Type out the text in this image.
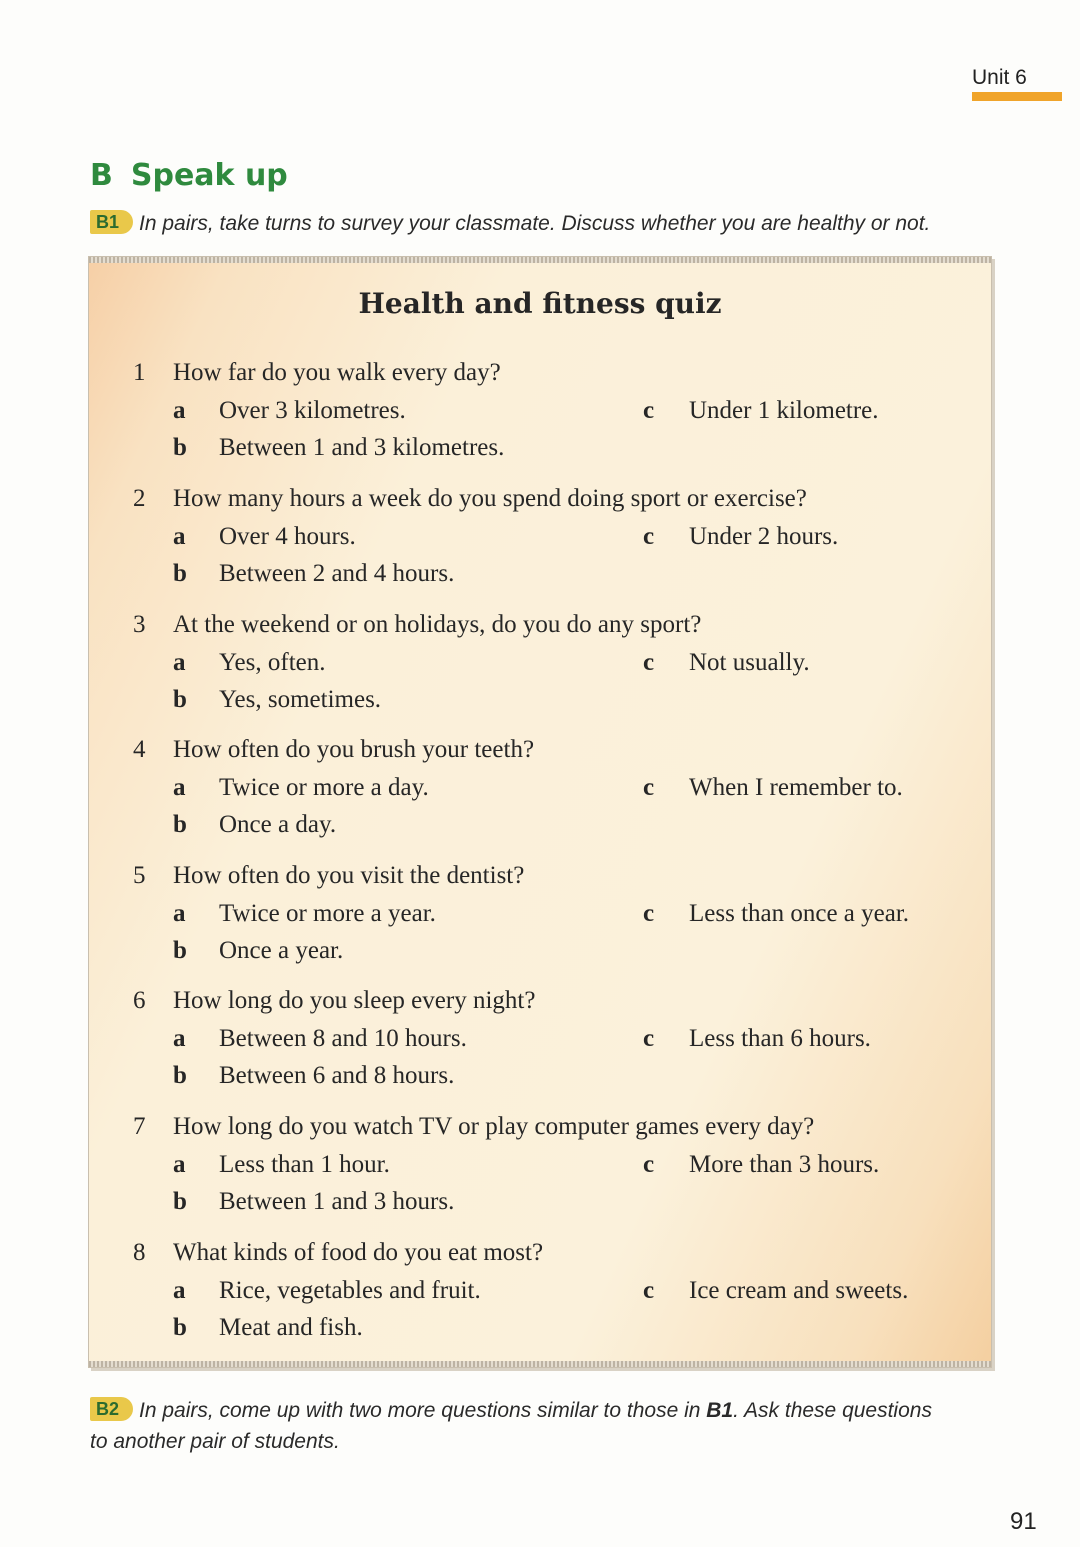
Unit 6
B Speak up
B1 In pairs, take turns to survey your classmate. Discuss whether you are healthy or not.
Health and fitness quiz
1 How far do you walk every day?
a Over 3 kilometres.	c Under 1 kilometre.
b Between 1 and 3 kilometres.
2 How many hours a week do you spend doing sport or exercise?
a Over 4 hours.	c Under 2 hours.
b Between 2 and 4 hours.
3 At the weekend or on holidays, do you do any sport?
a Yes, often.	c Not usually.
b Yes, sometimes.
4 How often do you brush your teeth?
a Twice or more a day.	c When I remember to.
b Once a day.
5 How often do you visit the dentist?
a Twice or more a year.	c Less than once a year.
b Once a year.
6 How long do you sleep every night?
a Between 8 and 10 hours.	c Less than 6 hours.
b Between 6 and 8 hours.
7 How long do you watch TV or play computer games every day?
a Less than 1 hour.	c More than 3 hours.
b Between 1 and 3 hours.
8 What kinds of food do you eat most?
a Rice, vegetables and fruit.	c Ice cream and sweets.
b Meat and fish.
B2 In pairs, come up with two more questions similar to those in B1. Ask these questions to another pair of students.
91
